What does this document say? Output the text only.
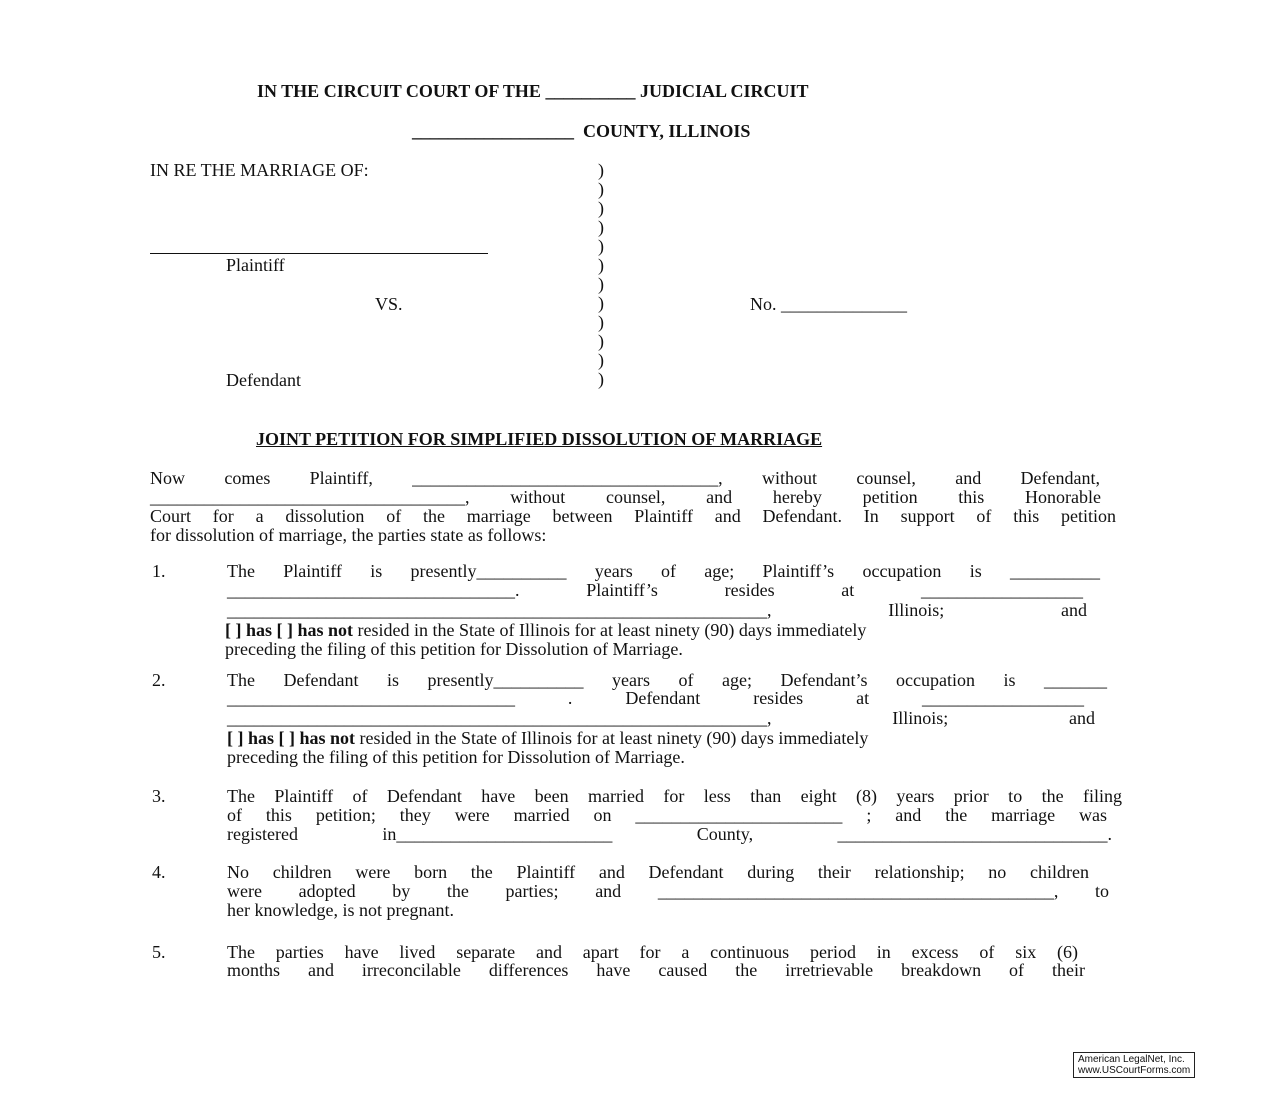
IN THE CIRCUIT COURT OF THE __________ JUDICIAL CIRCUIT
__________________  COUNTY, ILLINOIS
IN RE THE MARRIAGE OF:
Plaintiff
VS.
Defendant
No. ______________
)
)
)
)
)
)
)
)
)
)
)
)
JOINT PETITION FOR SIMPLIFIED DISSOLUTION OF MARRIAGE
Now comes Plaintiff, __________________________________, without counsel, and Defendant,
___________________________________, without counsel, and hereby petition this Honorable
Court for a dissolution of the marriage between Plaintiff and Defendant. In support of this petition
for dissolution of marriage, the parties state as follows:
1.	The Plaintiff is presently__________ years of age; Plaintiff’s occupation is __________
________________________________. Plaintiff’s resides at __________________
____________________________________________________________, Illinois; and
[ ] has [ ] has not resided in the State of Illinois for at least ninety (90) days immediately
preceding the filing of this petition for Dissolution of Marriage.
2.	The Defendant is presently__________ years of age; Defendant’s occupation is _______
________________________________ . Defendant resides at __________________
____________________________________________________________, Illinois; and
[ ] has [ ] has not resided in the State of Illinois for at least ninety (90) days immediately
preceding the filing of this petition for Dissolution of Marriage.
3.	The Plaintiff of Defendant have been married for less than eight (8) years prior to the filing
of this petition; they were married on _______________________ ; and the marriage was
registered in________________________ County, ______________________________.
4.	No children were born the Plaintiff and Defendant during their relationship; no children
were adopted by the parties; and ____________________________________________, to
her knowledge, is not pregnant.
5.	The parties have lived separate and apart for a continuous period in excess of six (6)
months and irreconcilable differences have caused the irretrievable breakdown of their
American LegalNet, Inc.
www.USCourtForms.com
